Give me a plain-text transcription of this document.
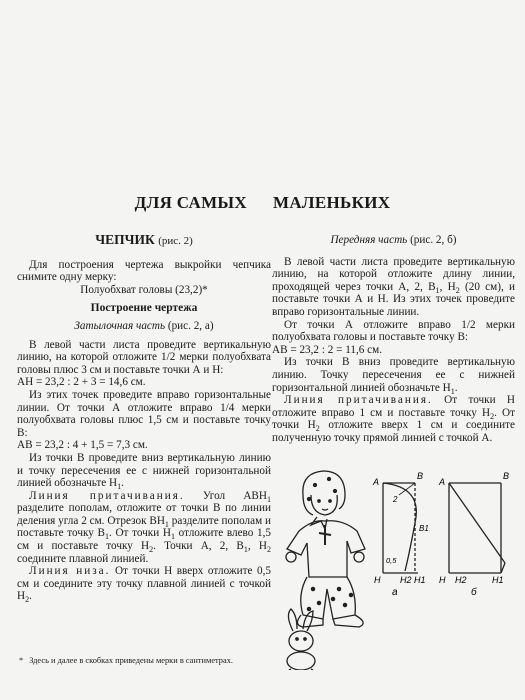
ДЛЯ САМЫХ МАЛЕНЬКИХ
ЧЕПЧИК (рис. 2)

Для построения чертежа выкройки чепчика снимите одну мерку:

Полуобхват головы (23,2)*

Построение чертежа
Затылочная часть (рис. 2, а)

В левой части листа проведите вертикальную линию, на которой отложите 1/2 мерки полуобхвата головы плюс 3 см и поставьте точки А и Н:

АН = 23,2 : 2 + 3 = 14,6 см.

Из этих точек проведите вправо горизонтальные линии. От точки А отложите вправо 1/4 мерки полуобхвата головы плюс 1,5 см и поставьте точку В:

АВ = 23,2 : 4 + 1,5 = 7,3 см.

Из точки В проведите вниз вертикальную линию и точку пересечения ее с нижней горизонтальной линией обозначьте $Н_1$.

Линия притачивания. Угол $АВН_1$ разделите пополам, отложите от точки В по линии деления угла 2 см. Отрезок $ВН_1$ разделите пополам и поставьте точку $В_1$. От точки $Н_1$ отложите влево 1,5 см и поставьте точку $Н_2$. Точки А, 2, $В_1$, $Н_2$ соедините плавной линией.

Линия низа. От точки Н вверх отложите 0,5 см и соедините эту точку плавной линией с точкой $Н_2$.

Передняя часть (рис. 2, б)

В левой части листа проведите вертикальную линию, на которой отложите длину линии, проходящей через точки А, 2, $В_1$, $Н_2$ (20 см), и поставьте точки А и Н. Из этих точек проведите вправо горизонтальные линии.

От точки А отложите вправо 1/2 мерки полуобхвата головы и поставьте точку В:

АВ = 23,2 : 2 = 11,6 см.

Из точки В вниз проведите вертикальную линию. Точку пересечения ее с нижней горизонтальной линией обозначьте $Н_1$.

Линия притачивания. От точки Н отложите вправо 1 см и поставьте точку $Н_2$. От точки $Н_2$ отложите вверх 1 см и соедините полученную точку прямой линией с точкой А.

A
B
2
B1
0,5
H H2 H1
a
A
B
H H2	H1
б
* Здесь и далее в скобках приведены мерки в сантиметрах.
